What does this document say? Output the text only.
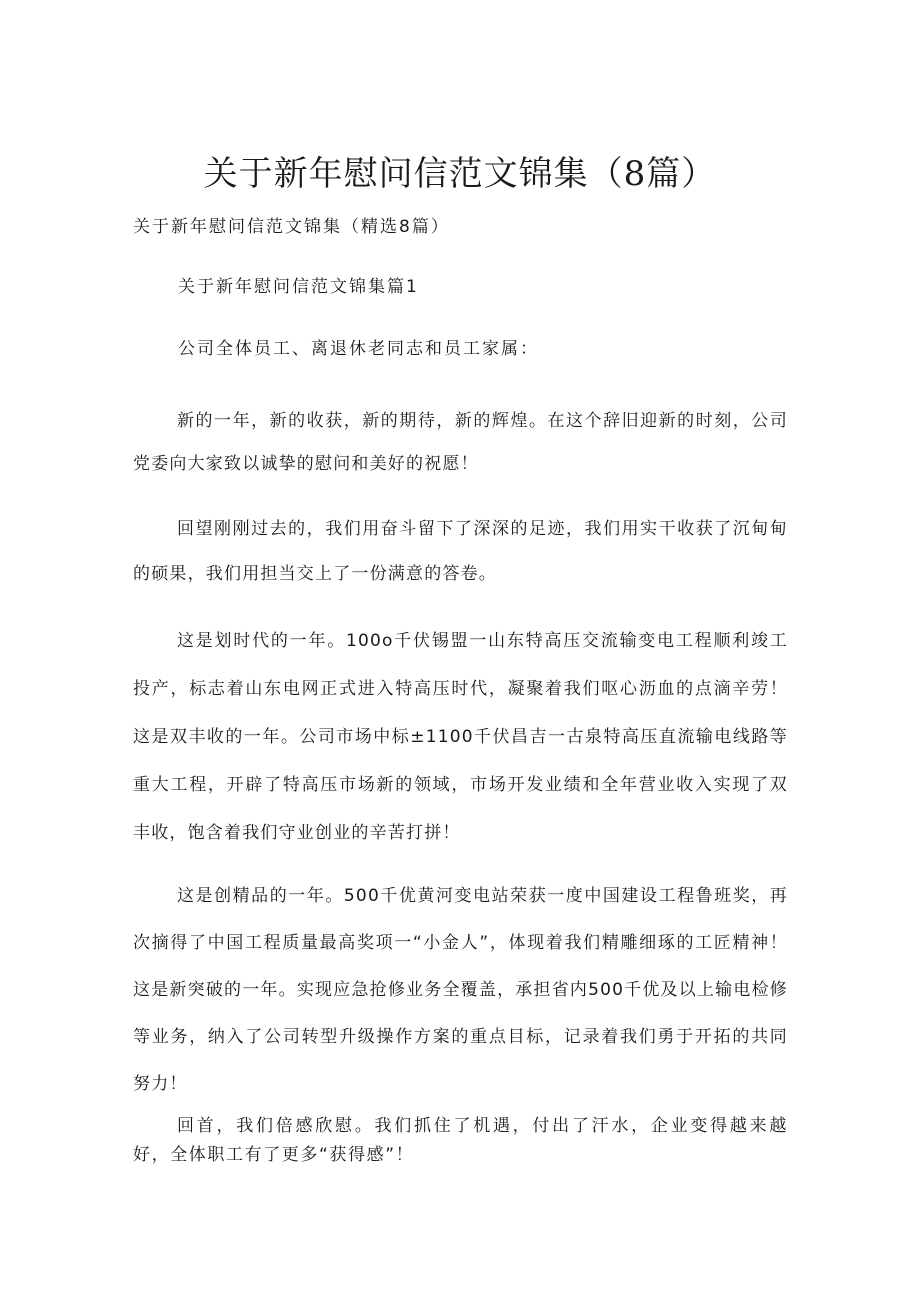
关于新年慰问信范文锦集（8篇）
关于新年慰问信范文锦集（精选8篇）
关于新年慰问信范文锦集篇1
公司全体员工、离退休老同志和员工家属：
新的一年，新的收获，新的期待，新的辉煌。在这个辞旧迎新的时刻，公司党委向大家致以诚挚的慰问和美好的祝愿！
回望刚刚过去的，我们用奋斗留下了深深的足迹，我们用实干收获了沉甸甸的硕果，我们用担当交上了一份满意的答卷。
这是划时代的一年。100o千伏锡盟一山东特高压交流输变电工程顺利竣工投产，标志着山东电网正式进入特高压时代，凝聚着我们呕心沥血的点滴辛劳！这是双丰收的一年。公司市场中标±1100千伏昌吉一古泉特高压直流输电线路等重大工程，开辟了特高压市场新的领域，市场开发业绩和全年营业收入实现了双丰收，饱含着我们守业创业的辛苦打拼！
这是创精品的一年。500千优黄河变电站荣获一度中国建设工程鲁班奖，再次摘得了中国工程质量最高奖项一“小金人”，体现着我们精雕细琢的工匠精神！这是新突破的一年。实现应急抢修业务全覆盖，承担省内500千优及以上输电检修等业务，纳入了公司转型升级操作方案的重点目标，记录着我们勇于开拓的共同努力！
回首，我们倍感欣慰。我们抓住了机遇，付出了汗水，企业变得越来越好，全体职工有了更多“获得感”！
